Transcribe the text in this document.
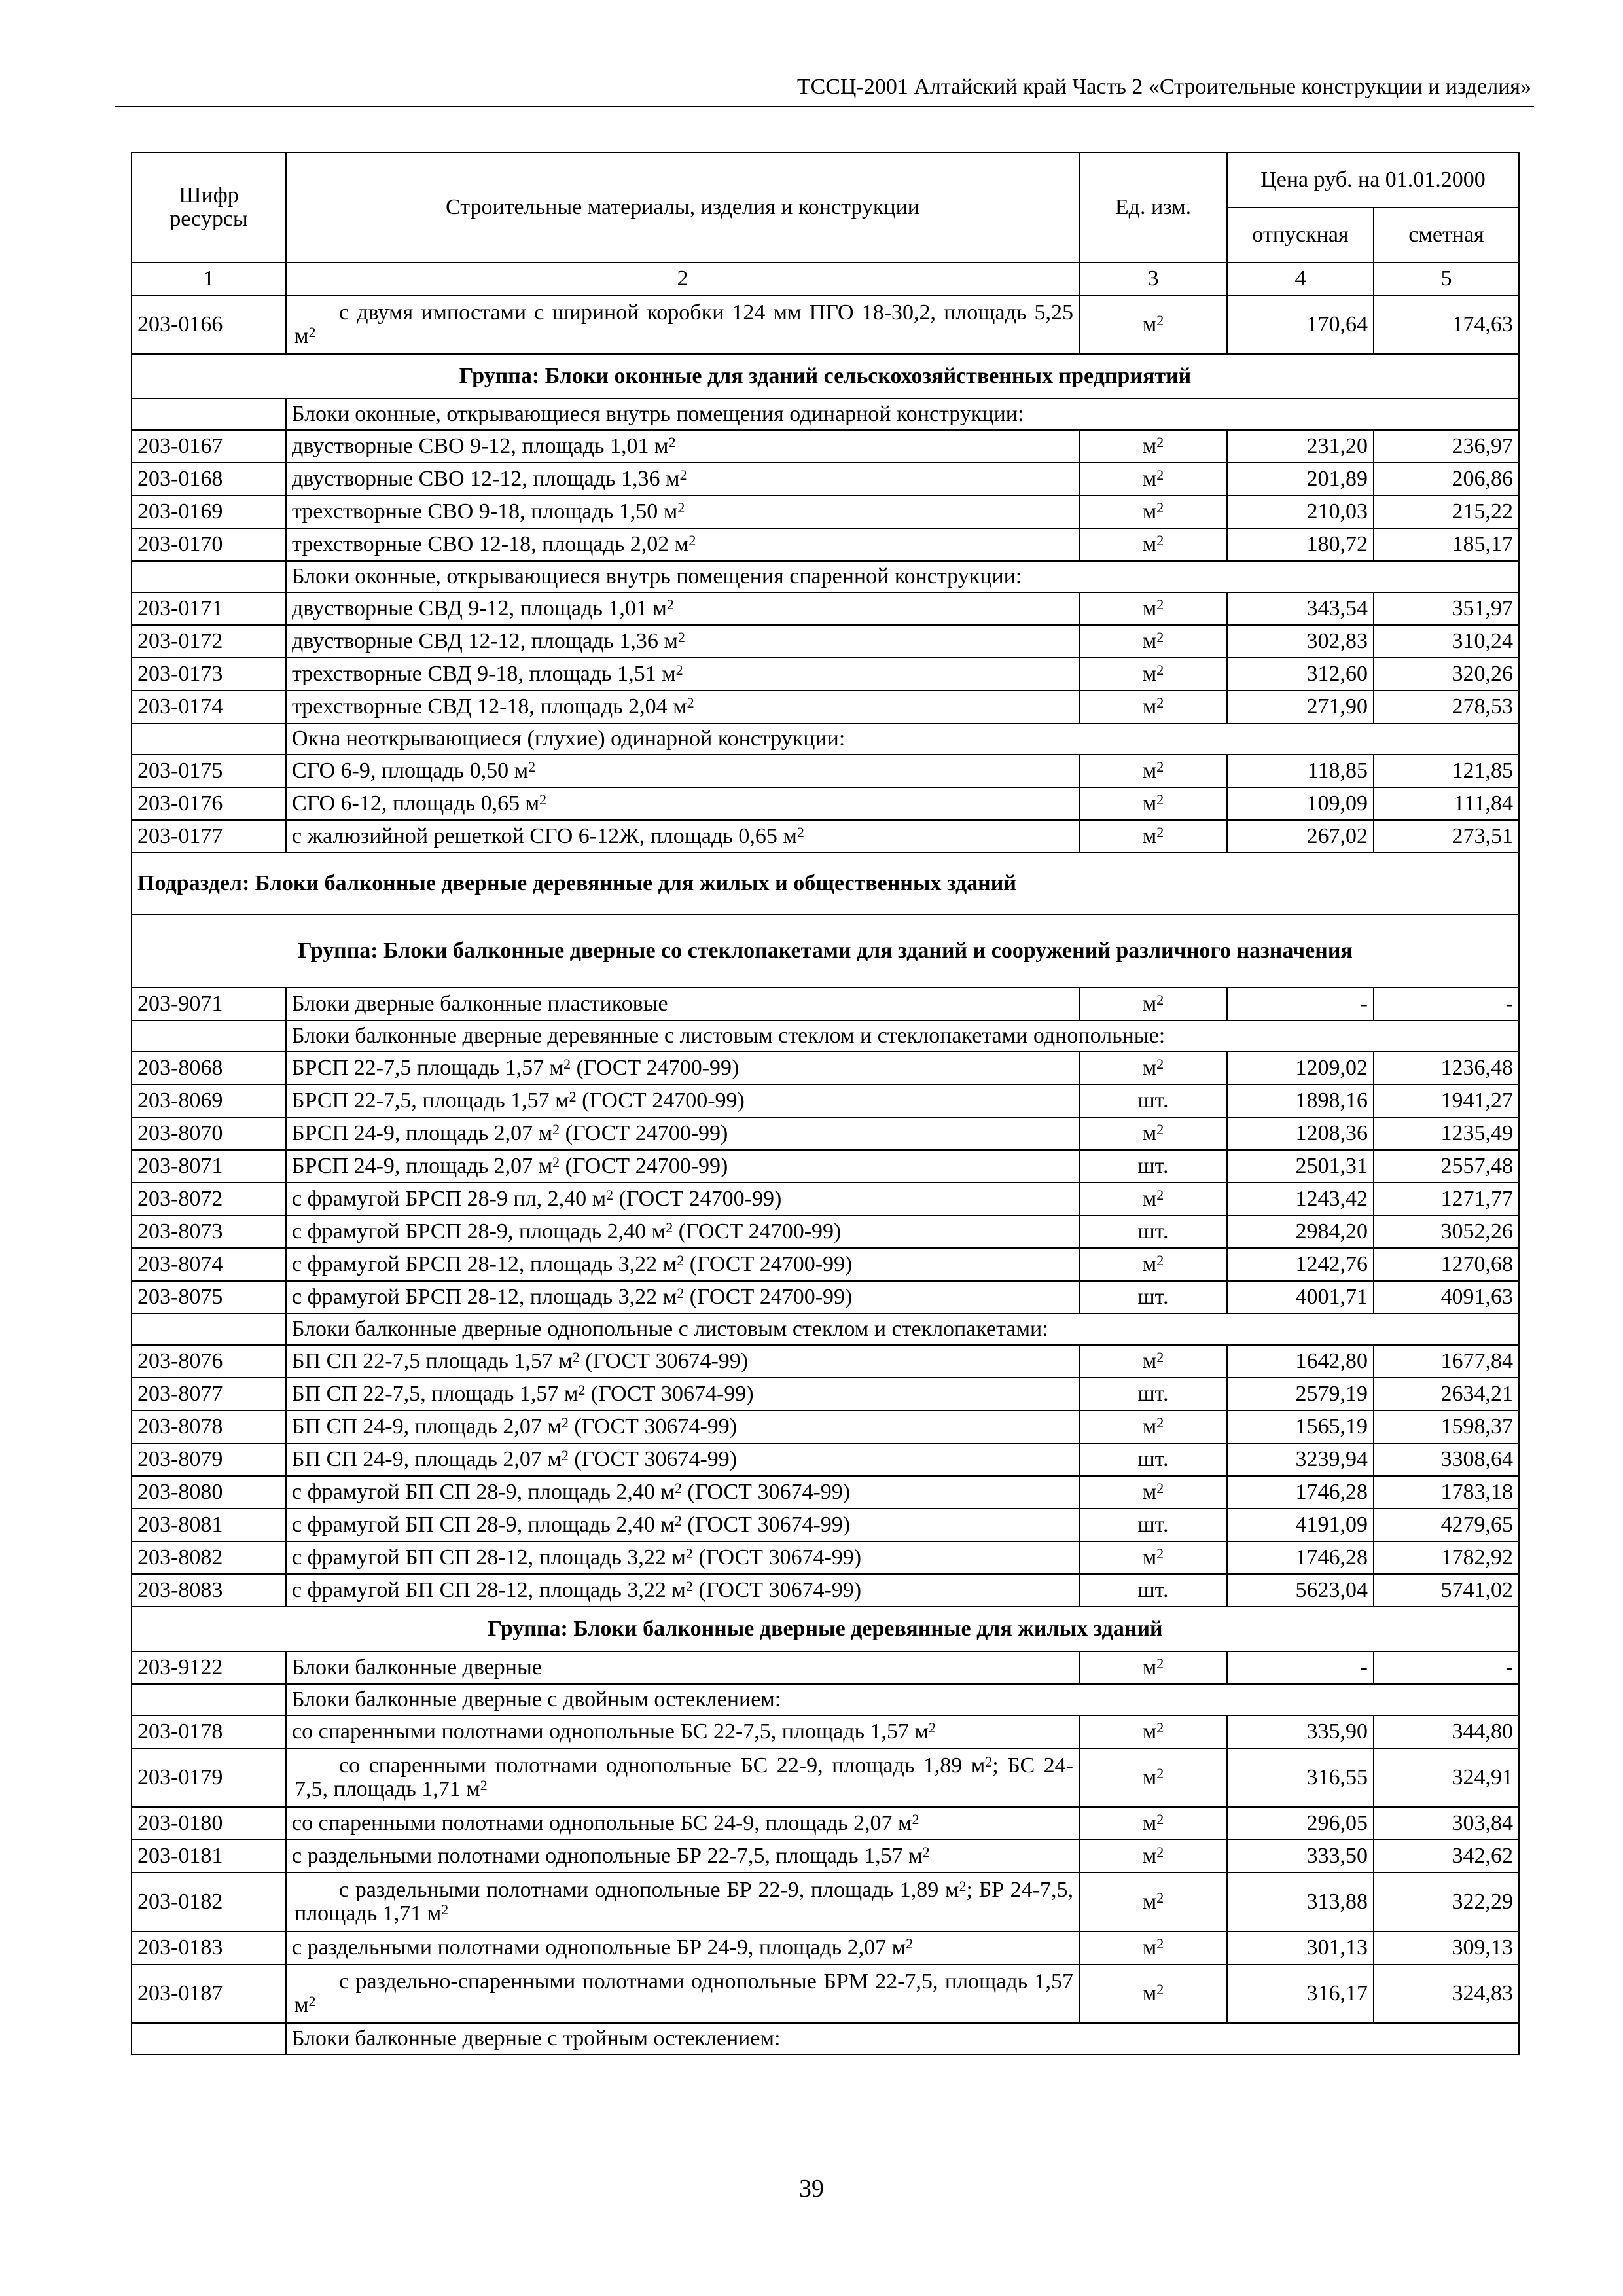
ТССЦ-2001 Алтайский край Часть 2 «Строительные конструкции и изделия»
Шифр ресурсы	Строительные материалы, изделия и конструкции	Ед. изм.	Цена руб. на 01.01.2000	
			отпускная	сметная
1	2	3	4	5
203-0166	с двумя импостами с шириной коробки 124 мм ПГО 18-30,2, площадь 5,25 $м^2$	$м^2$	170,64	174,63
Группа: Блоки оконные для зданий сельскохозяйственных предприятий				
	Блоки оконные, открывающиеся внутрь помещения одинарной конструкции:			
203-0167	двустворные СВО 9-12, площадь 1,01 $м^2$	$м^2$	231,20	236,97
203-0168	двустворные СВО 12-12, площадь 1,36 $м^2$	$м^2$	201,89	206,86
203-0169	трехстворные СВО 9-18, площадь 1,50 $м^2$	$м^2$	210,03	215,22
203-0170	трехстворные СВО 12-18, площадь 2,02 $м^2$	$м^2$	180,72	185,17
	Блоки оконные, открывающиеся внутрь помещения спаренной конструкции:			
203-0171	двустворные СВД 9-12, площадь 1,01 $м^2$	$м^2$	343,54	351,97
203-0172	двустворные СВД 12-12, площадь 1,36 $м^2$	$м^2$	302,83	310,24
203-0173	трехстворные СВД 9-18, площадь 1,51 $м^2$	$м^2$	312,60	320,26
203-0174	трехстворные СВД 12-18, площадь 2,04 $м^2$	$м^2$	271,90	278,53
	Окна неоткрывающиеся (глухие) одинарной конструкции:			
203-0175	СГО 6-9, площадь 0,50 $м^2$	$м^2$	118,85	121,85
203-0176	СГО 6-12, площадь 0,65 $м^2$	$м^2$	109,09	111,84
203-0177	с жалюзийной решеткой СГО 6-12Ж, площадь 0,65 $м^2$	$м^2$	267,02	273,51
Подраздел: Блоки балконные дверные деревянные для жилых и общественных зданий				
Группа: Блоки балконные дверные со стеклопакетами для зданий и сооружений различного назначения				
203-9071	Блоки дверные балконные пластиковые	$м^2$	-	-
	Блоки балконные дверные деревянные с листовым стеклом и стеклопакетами однопольные:			
203-8068	БРСП 22-7,5 площадь 1,57 $м^2$ (ГОСТ 24700-99)	$м^2$	1209,02	1236,48
203-8069	БРСП 22-7,5, площадь 1,57 $м^2$ (ГОСТ 24700-99)	шт.	1898,16	1941,27
203-8070	БРСП 24-9, площадь 2,07 $м^2$ (ГОСТ 24700-99)	$м^2$	1208,36	1235,49
203-8071	БРСП 24-9, площадь 2,07 $м^2$ (ГОСТ 24700-99)	шт.	2501,31	2557,48
203-8072	с фрамугой БРСП 28-9 пл, 2,40 $м^2$ (ГОСТ 24700-99)	$м^2$	1243,42	1271,77
203-8073	с фрамугой БРСП 28-9, площадь 2,40 $м^2$ (ГОСТ 24700-99)	шт.	2984,20	3052,26
203-8074	с фрамугой БРСП 28-12, площадь 3,22 $м^2$ (ГОСТ 24700-99)	$м^2$	1242,76	1270,68
203-8075	с фрамугой БРСП 28-12, площадь 3,22 $м^2$ (ГОСТ 24700-99)	шт.	4001,71	4091,63
	Блоки балконные дверные однопольные с листовым стеклом и стеклопакетами:			
203-8076	БП СП 22-7,5 площадь 1,57 $м^2$ (ГОСТ 30674-99)	$м^2$	1642,80	1677,84
203-8077	БП СП 22-7,5, площадь 1,57 $м^2$ (ГОСТ 30674-99)	шт.	2579,19	2634,21
203-8078	БП СП 24-9, площадь 2,07 $м^2$ (ГОСТ 30674-99)	$м^2$	1565,19	1598,37
203-8079	БП СП 24-9, площадь 2,07 $м^2$ (ГОСТ 30674-99)	шт.	3239,94	3308,64
203-8080	с фрамугой БП СП 28-9, площадь 2,40 $м^2$ (ГОСТ 30674-99)	$м^2$	1746,28	1783,18
203-8081	с фрамугой БП СП 28-9, площадь 2,40 $м^2$ (ГОСТ 30674-99)	шт.	4191,09	4279,65
203-8082	с фрамугой БП СП 28-12, площадь 3,22 $м^2$ (ГОСТ 30674-99)	$м^2$	1746,28	1782,92
203-8083	с фрамугой БП СП 28-12, площадь 3,22 $м^2$ (ГОСТ 30674-99)	шт.	5623,04	5741,02
Группа: Блоки балконные дверные деревянные для жилых зданий				
203-9122	Блоки балконные дверные	$м^2$	-	-
	Блоки балконные дверные с двойным остеклением:			
203-0178	со спаренными полотнами однопольные БС 22-7,5, площадь 1,57 $м^2$	$м^2$	335,90	344,80
203-0179	со спаренными полотнами однопольные БС 22-9, площадь 1,89 $м^2$; БС 24-7,5, площадь 1,71 $м^2$	$м^2$	316,55	324,91
203-0180	со спаренными полотнами однопольные БС 24-9, площадь 2,07 $м^2$	$м^2$	296,05	303,84
203-0181	с раздельными полотнами однопольные БР 22-7,5, площадь 1,57 $м^2$	$м^2$	333,50	342,62
203-0182	с раздельными полотнами однопольные БР 22-9, площадь 1,89 $м^2$; БР 24-7,5, площадь 1,71 $м^2$	$м^2$	313,88	322,29
203-0183	с раздельными полотнами однопольные БР 24-9, площадь 2,07 $м^2$	$м^2$	301,13	309,13
203-0187	с раздельно-спаренными полотнами однопольные БРМ 22-7,5, площадь 1,57 $м^2$	$м^2$	316,17	324,83
	Блоки балконные дверные с тройным остеклением:			
39
